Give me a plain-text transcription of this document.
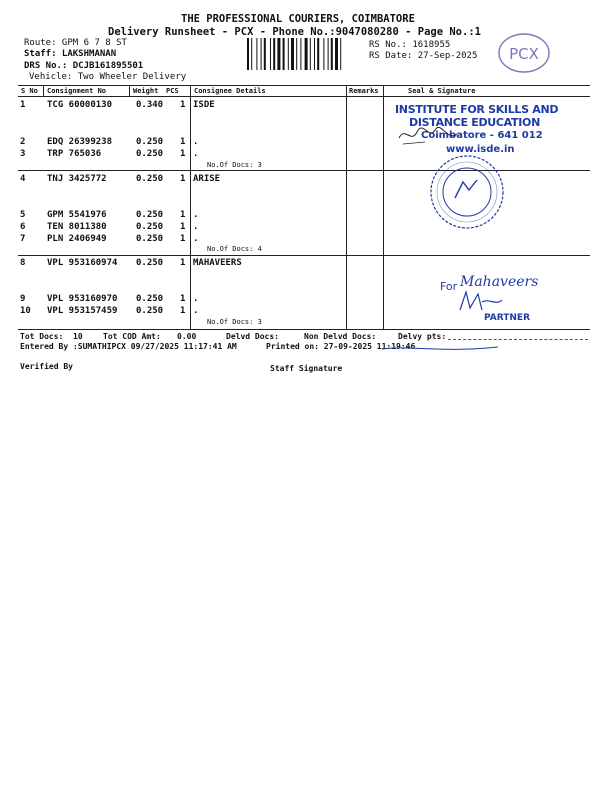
THE PROFESSIONAL COURIERS, COIMBATORE
Delivery Runsheet - PCX - Phone No.:9047080280 - Page No.:1
Route: GPM 6 7 8 ST
Staff: LAKSHMANAN
DRS No.: DCJB161895501
Vehicle: Two Wheeler Delivery
RS No.: 1618955
RS Date: 27-Sep-2025 PCX
S No Consignment No	Weight PCS Consignee Details	Remarks	Seal & Signature
1 TCG 60000130	0.340 1 ISDE
2 EDQ 26399238	0.250 1 .
3 TRP 765036	0.250 1 .
No.Of Docs: 3
4 TNJ 3425772	0.250 1 ARISE
5 GPM 5541976	0.250 1 .
6 TEN 8011380	0.250 1 .
7 PLN 2406949	0.250 1 .
No.Of Docs: 4
8 VPL 953160974 0.250 1 MAHAVEERS
9 VPL 953160970 0.250 1 .
10 VPL 953157459 0.250 1 .
No.Of Docs: 3
INSTITUTE FOR SKILLS AND
DISTANCE EDUCATION
Coimbatore - 641 012
www.isde.in
For Mahaveers
PARTNER
Tot Docs: 10	Tot COD Amt: 0.00	Delvd Docs:	Non Delvd Docs:	Delvy pts:
Entered By :SUMATHIPCX 09/27/2025 11:17:41 AM	Printed on: 27-09-2025 11:19:46
Verified By	Staff Signature
